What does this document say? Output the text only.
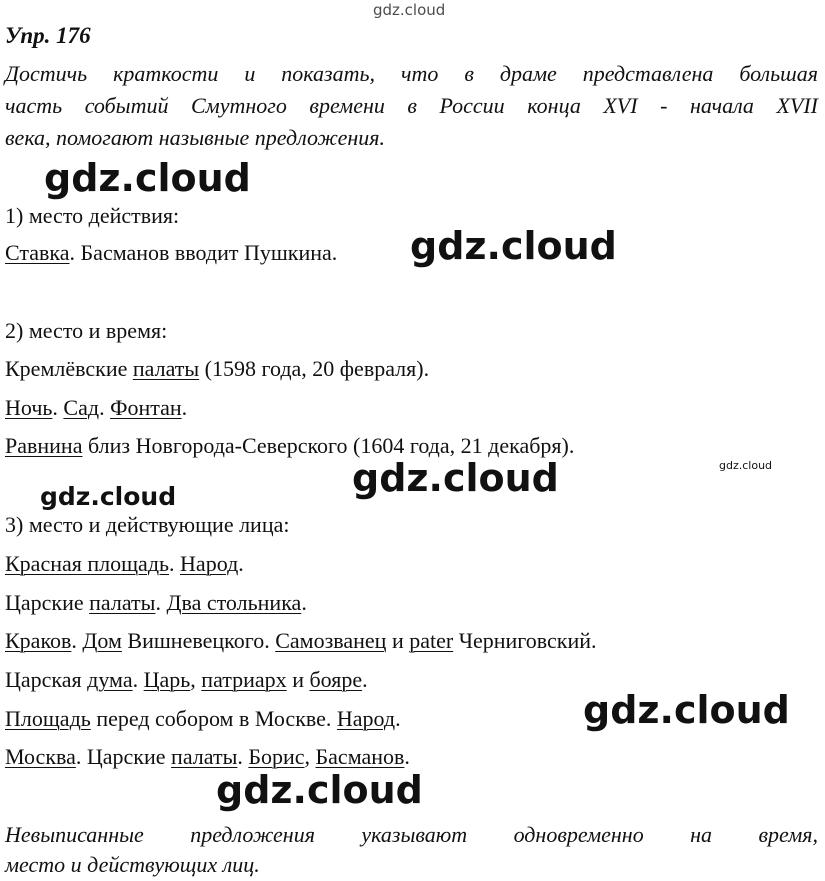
gdz.cloud
Упр. 176
Достичь краткости и показать, что в драме представлена большая
часть событий Смутного времени в России конца XVI - начала XVII
века, помогают назывные предложения.
gdz.cloud
1) место действия:
Ставка. Басманов вводит Пушкина. gdz.cloud
2) место и время:
Кремлёвские палаты (1598 года, 20 февраля).
Ночь. Сад. Фонтан.
Равнина близ Новгорода-Северского (1604 года, 21 декабря).
gdz.cloud
gdz.cloud
gdz.cloud
3) место и действующие лица:
Красная площадь. Народ.
Царские палаты. Два стольника.
Краков. Дом Вишневецкого. Самозванец и pater Черниговский.
Царская дума. Царь, патриарх и бояре.
Площадь перед собором в Москве. Народ.
Москва. Царские палаты. Борис, Басманов.
gdz.cloud
gdz.cloud
Невыписанные предложения указывают одновременно на время,
место и действующих лиц.
